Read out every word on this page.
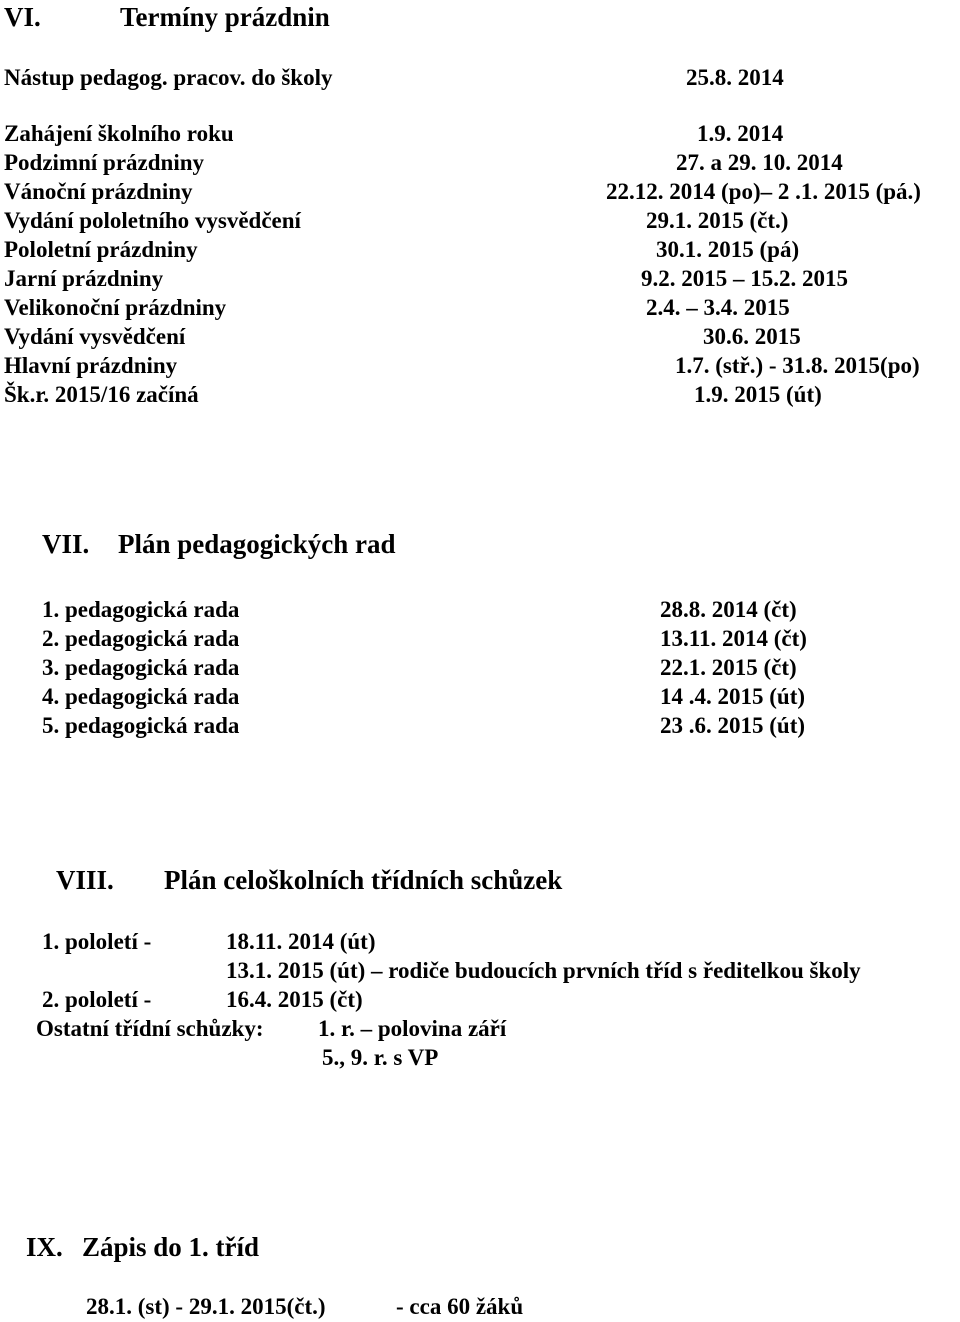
VI.	Termíny prázdnin
Nástup pedagog. pracov. do školy	25.8. 2014
Zahájení školního roku	1.9. 2014
Podzimní prázdniny	27. a 29. 10. 2014
Vánoční prázdniny	22.12. 2014 (po)– 2 .1. 2015 (pá.)
Vydání pololetního vysvědčení	29.1. 2015 (čt.)
Pololetní prázdniny	30.1. 2015 (pá)
Jarní prázdniny	9.2. 2015 – 15.2. 2015
Velikonoční prázdniny	2.4. – 3.4. 2015
Vydání vysvědčení	30.6. 2015
Hlavní prázdniny	1.7. (stř.) - 31.8. 2015(po)
Šk.r. 2015/16 začíná	1.9. 2015 (út)
VII. Plán pedagogických rad
1. pedagogická rada	28.8. 2014 (čt)
2. pedagogická rada	13.11. 2014 (čt)
3. pedagogická rada	22.1. 2015 (čt)
4. pedagogická rada	14 .4. 2015 (út)
5. pedagogická rada	23 .6. 2015 (út)
VIII. Plán celoškolních třídních schůzek
1. pololetí -	18.11. 2014 (út)
13.1. 2015 (út) – rodiče budoucích prvních tříd s ředitelkou školy
2. pololetí -	16.4. 2015 (čt)
Ostatní třídní schůzky: 1. r. – polovina září
5., 9. r. s VP
IX. Zápis do 1. tříd
28.1. (st) - 29.1. 2015(čt.)	- cca 60 žáků
